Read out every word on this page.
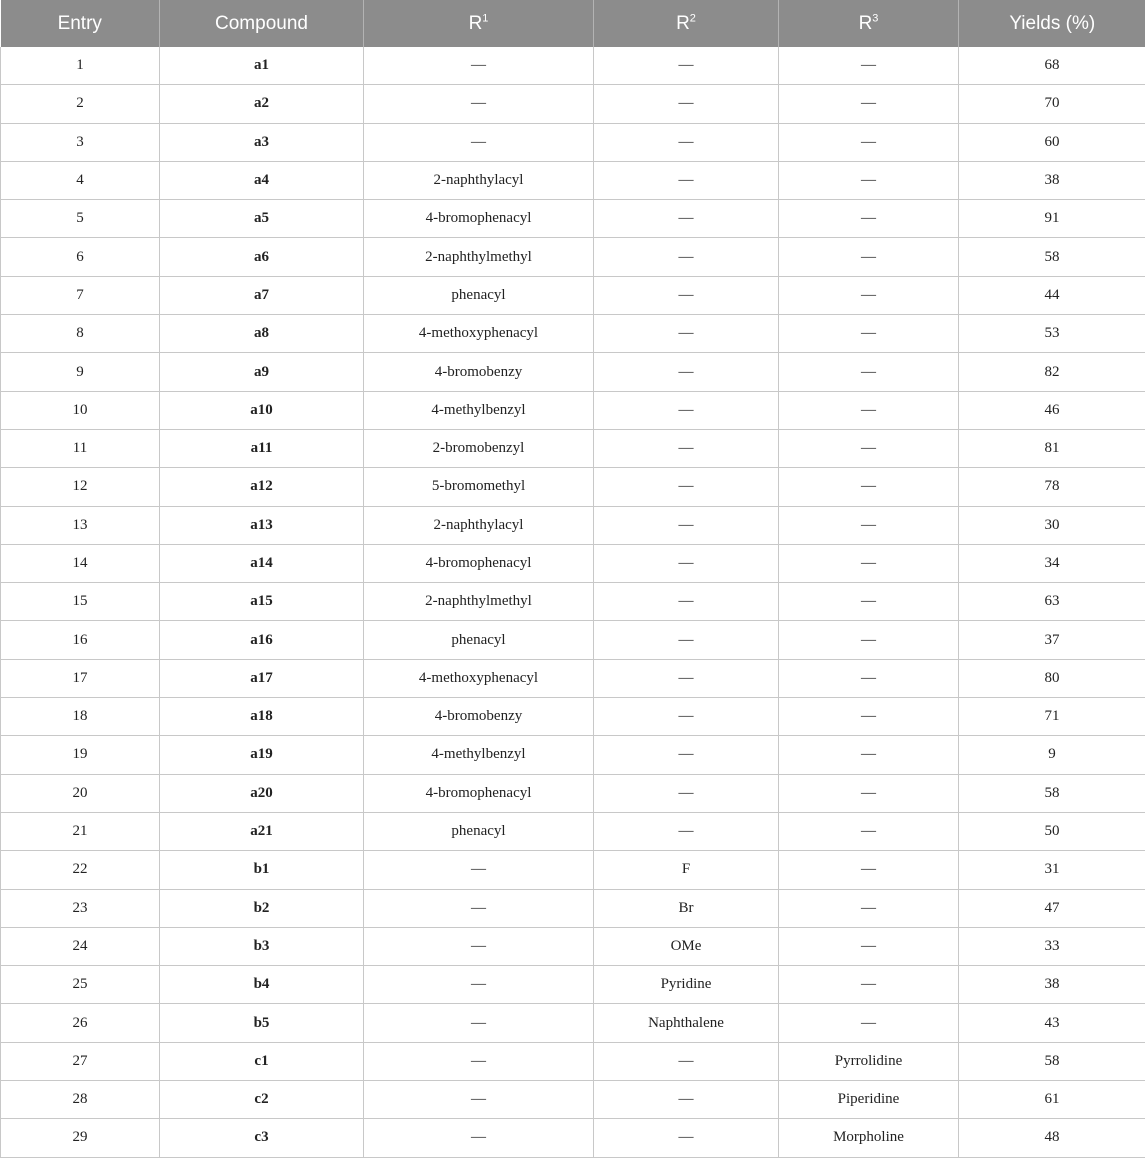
Entry	Compound	$R^1$	$R^2$	$R^3$	Yields (%)
1	a1	—	—	—	68
2	a2	—	—	—	70
3	a3	—	—	—	60
4	a4	2-naphthylacyl	—	—	38
5	a5	4-bromophenacyl	—	—	91
6	a6	2-naphthylmethyl	—	—	58
7	a7	phenacyl	—	—	44
8	a8	4-methoxyphenacyl	—	—	53
9	a9	4-bromobenzy	—	—	82
10	a10	4-methylbenzyl	—	—	46
11	a11	2-bromobenzyl	—	—	81
12	a12	5-bromomethyl	—	—	78
13	a13	2-naphthylacyl	—	—	30
14	a14	4-bromophenacyl	—	—	34
15	a15	2-naphthylmethyl	—	—	63
16	a16	phenacyl	—	—	37
17	a17	4-methoxyphenacyl	—	—	80
18	a18	4-bromobenzy	—	—	71
19	a19	4-methylbenzyl	—	—	9
20	a20	4-bromophenacyl	—	—	58
21	a21	phenacyl	—	—	50
22	b1	—	F	—	31
23	b2	—	Br	—	47
24	b3	—	OMe	—	33
25	b4	—	Pyridine	—	38
26	b5	—	Naphthalene	—	43
27	c1	—	—	Pyrrolidine	58
28	c2	—	—	Piperidine	61
29	c3	—	—	Morpholine	48
